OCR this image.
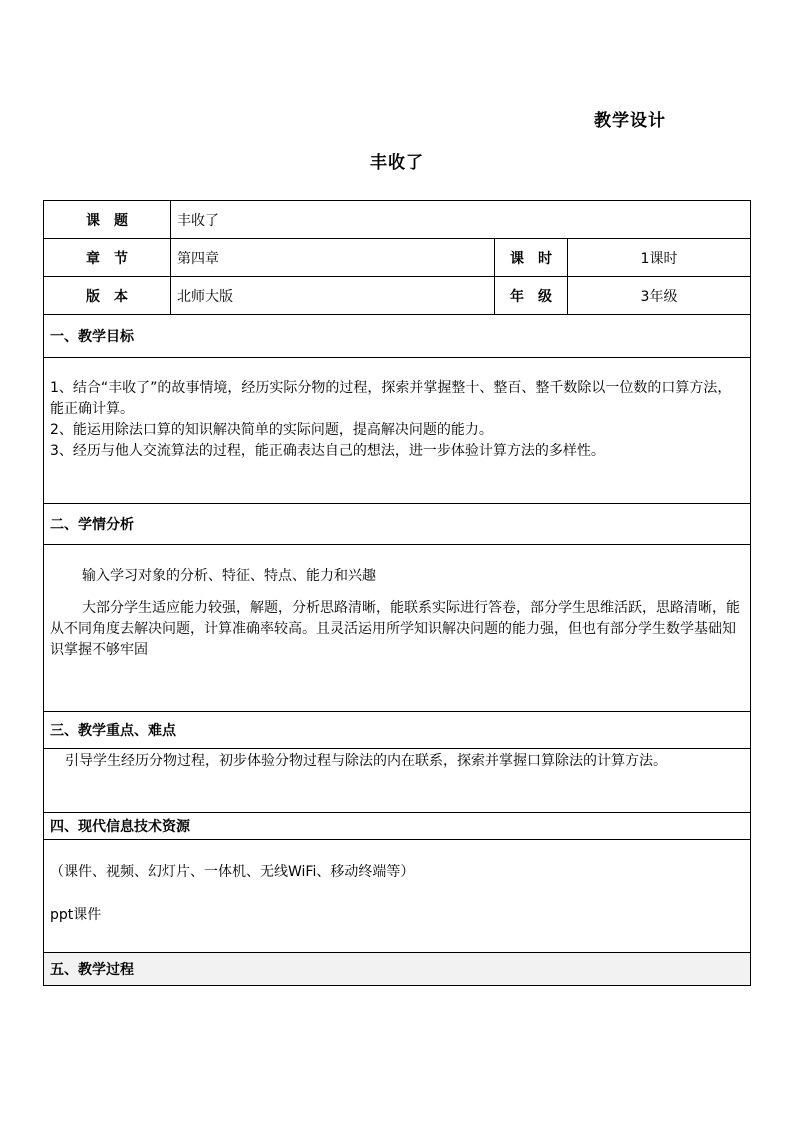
教学设计
丰收了
课　题	丰收了		
章　节	第四章	课　时	1课时
版　本	北师大版	年　级	3年级
一、教学目标			

1、结合“丰收了”的故事情境，经历实际分物的过程，探索并掌握整十、整百、整千数除以一位数的口算方法，能正确计算。

2、能运用除法口算的知识解决简单的实际问题，提高解决问题的能力。

3、经历与他人交流算法的过程，能正确表达自己的想法，进一步体验计算方法的多样性。			

二、学情分析			

输入学习对象的分析、特征、特点、能力和兴趣

大部分学生适应能力较强，解题，分析思路清晰，能联系实际进行答卷，部分学生思维活跃，思路清晰，能从不同角度去解决问题，计算准确率较高。且灵活运用所学知识解决问题的能力强，但也有部分学生数学基础知识掌握不够牢固			

三、教学重点、难点			

引导学生经历分物过程，初步体验分物过程与除法的内在联系，探索并掌握口算除法的计算方法。			

四、现代信息技术资源			

（课件、视频、幻灯片、一体机、无线WiFi、移动终端等）

ppt课件			

五、教学过程			
